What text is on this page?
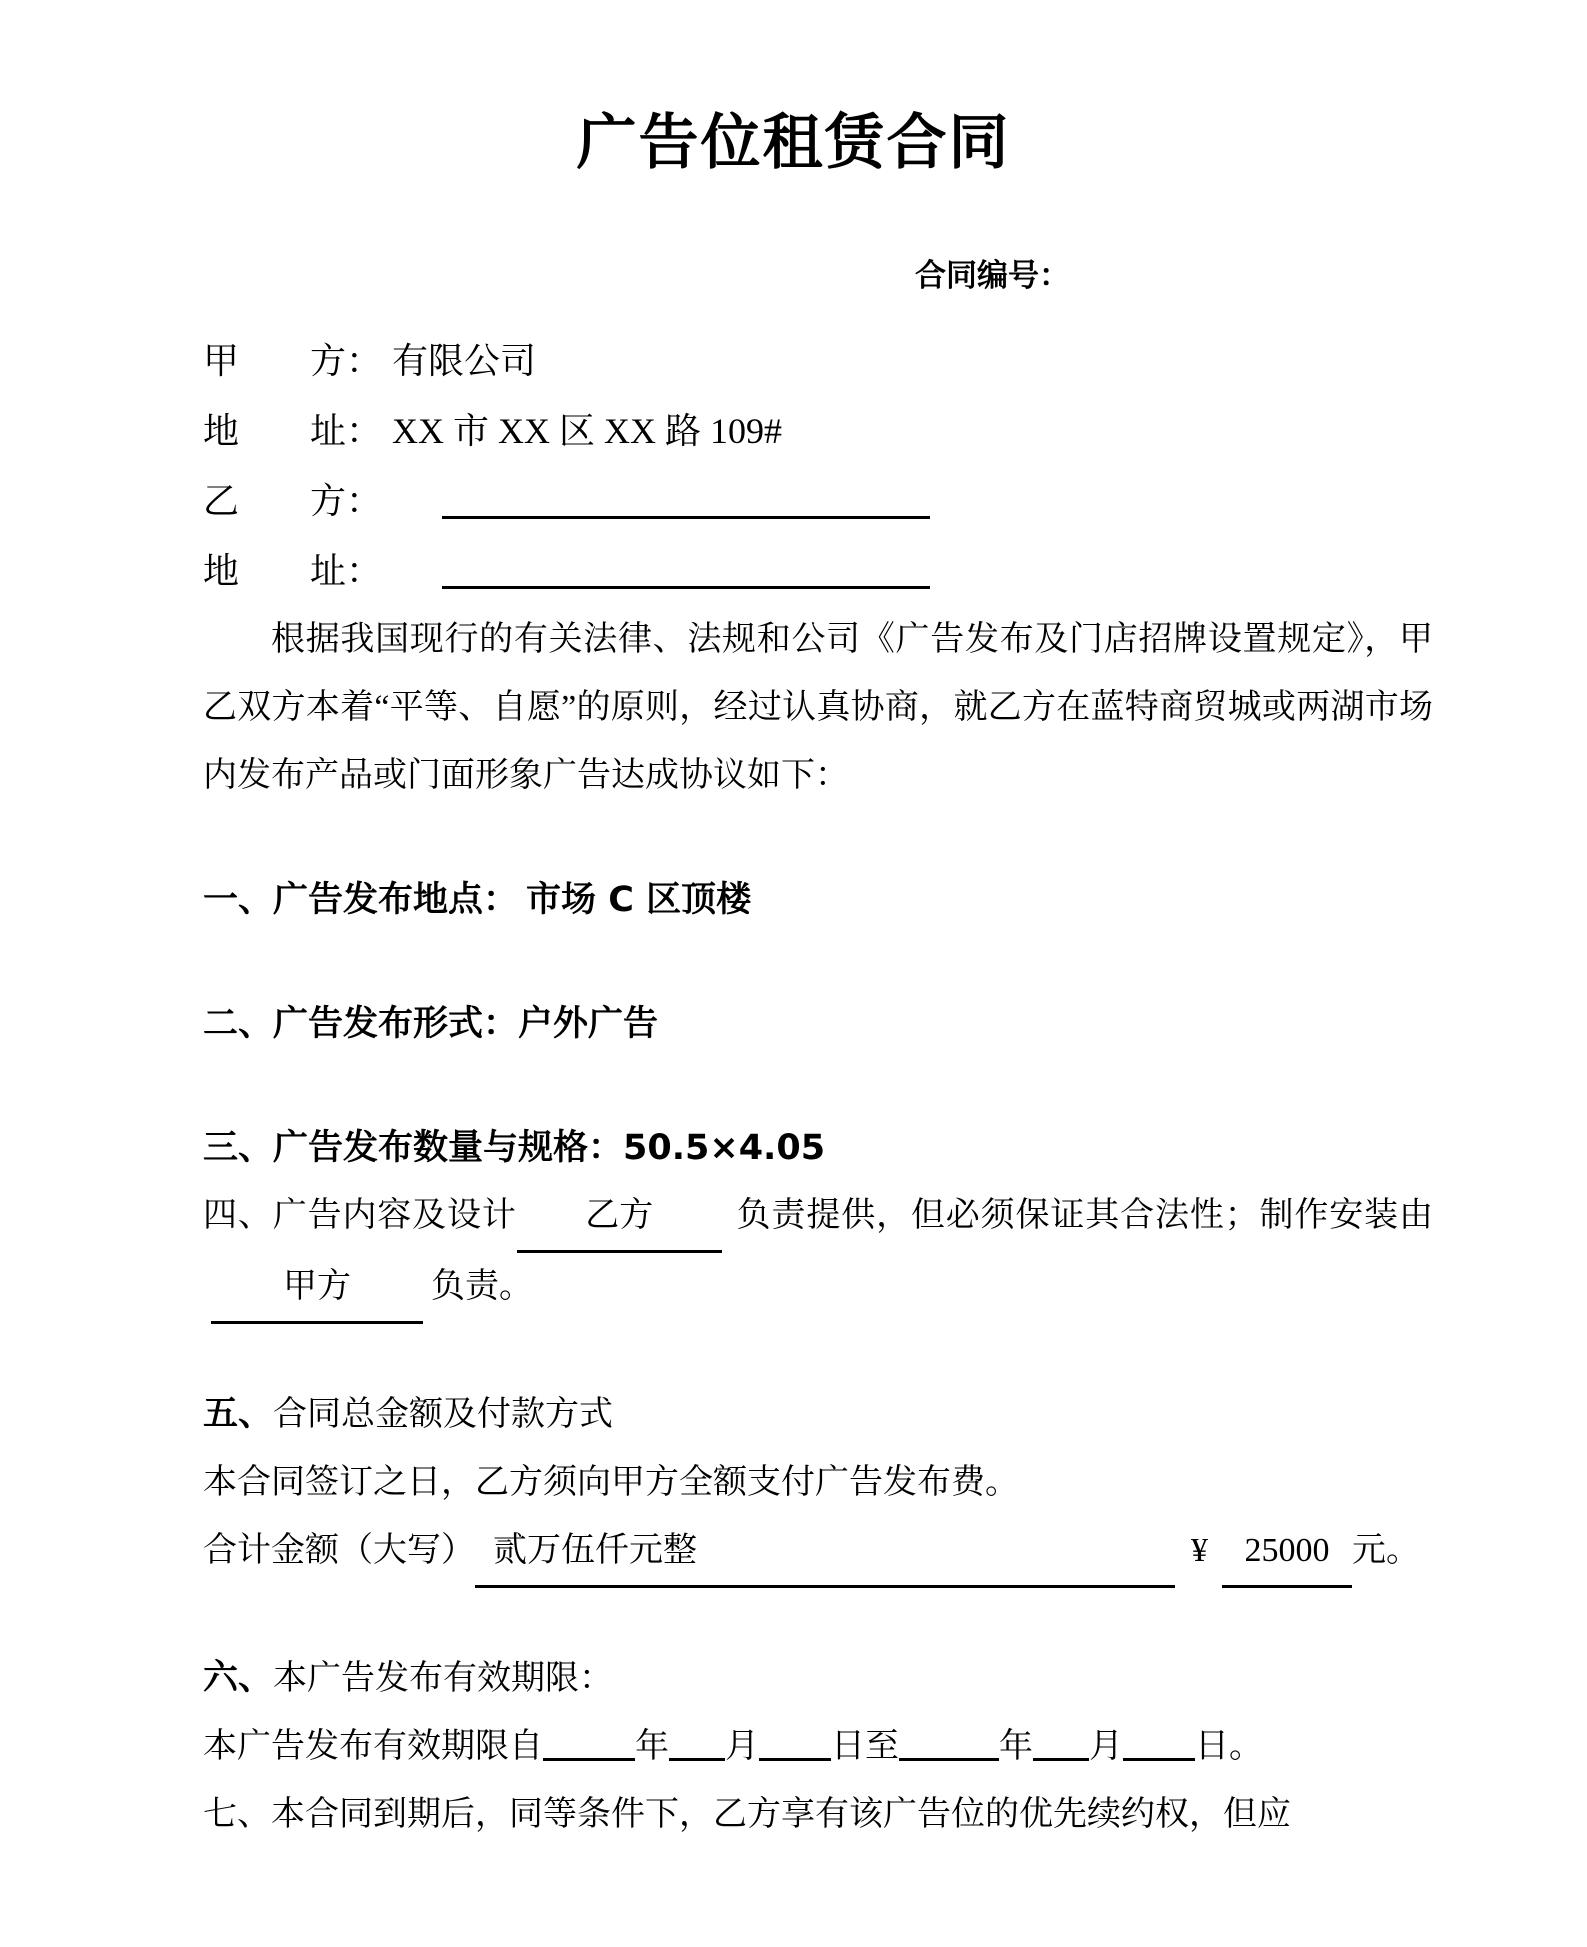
广告位租赁合同
合同编号：
甲 方： 有限公司
地 址： XX 市 XX 区 XX 路 109#
乙 方：
地 址：

根据我国现行的有关法律、法规和公司《广告发布及门店招牌设置规定》，甲乙双方本着“平等、自愿”的原则，经过认真协商，就乙方在蓝特商贸城或两湖市场内发布产品或门面形象广告达成协议如下：

一、广告发布地点： 市场 C 区顶楼
二、广告发布形式：户外广告
三、广告发布数量与规格：50.5×4.05

四、广告内容及设计 乙方 负责提供，但必须保证其合法性；制作安装由甲方 负责。

五、合同总金额及付款方式
本合同签订之日，乙方须向甲方全额支付广告发布费。
合计金额（大写） 贰万伍仟元整	¥ 25000 元。
六、本广告发布有效期限：
本广告发布有效期限自	年 月 日至	年 月 日。

七、本合同到期后，同等条件下，乙方享有该广告位的优先续约权，但应
